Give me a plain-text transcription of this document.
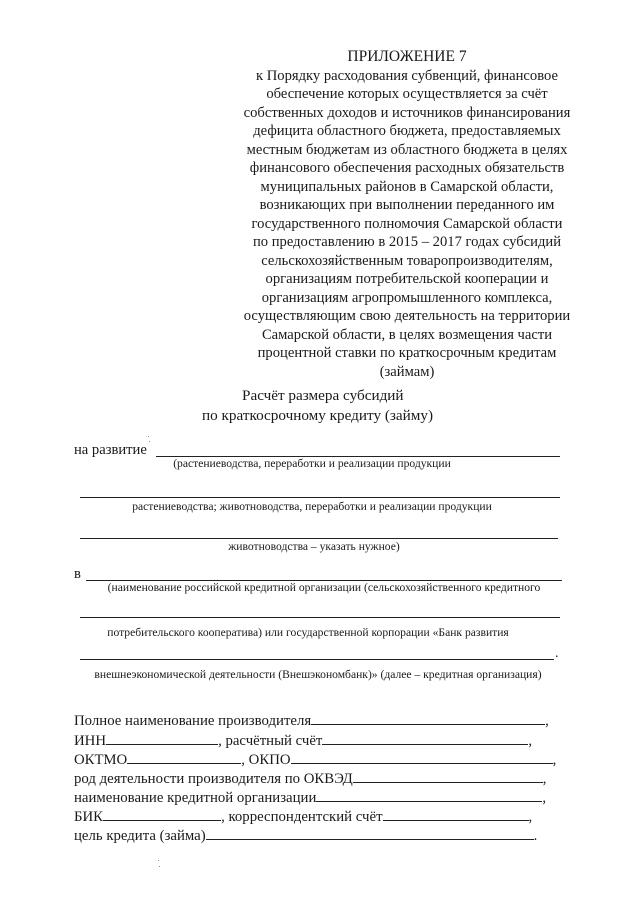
ПРИЛОЖЕНИЕ 7
к Порядку расходования субвенций, финансовое
обеспечение которых осуществляется за счёт
собственных доходов и источников финансирования
дефицита областного бюджета, предоставляемых
местным бюджетам из областного бюджета в целях
финансового обеспечения расходных обязательств
муниципальных районов в Самарской области,
возникающих при выполнении переданного им
государственного полномочия Самарской области
по предоставлению в 2015 – 2017 годах субсидий
сельскохозяйственным товаропроизводителям,
организациям потребительской кооперации и
организациям агропромышленного комплекса,
осуществляющим свою деятельность на территории
Самарской области, в целях возмещения части
процентной ставки по краткосрочным кредитам
(займам)
Расчёт размера субсидий
по краткосрочному кредиту (займу)
на развитие
(растениеводства, переработки и реализации продукции
растениеводства; животноводства, переработки и реализации продукции
животноводства – указать нужное)
в
(наименование российской кредитной организации (сельскохозяйственного кредитного
потребительского кооператива) или государственной корпорации «Банк развития
.
внешнеэкономической деятельности (Внешэкономбанк)» (далее – кредитная организация)
Полное наименование производителя	,
ИНН	, расчётный счёт	,
ОКТМО	, ОКПО	,
род деятельности производителя по ОКВЭД	,
наименование кредитной организации	,
БИК	, корреспондентский счёт	,
цель кредита (займа)	.
